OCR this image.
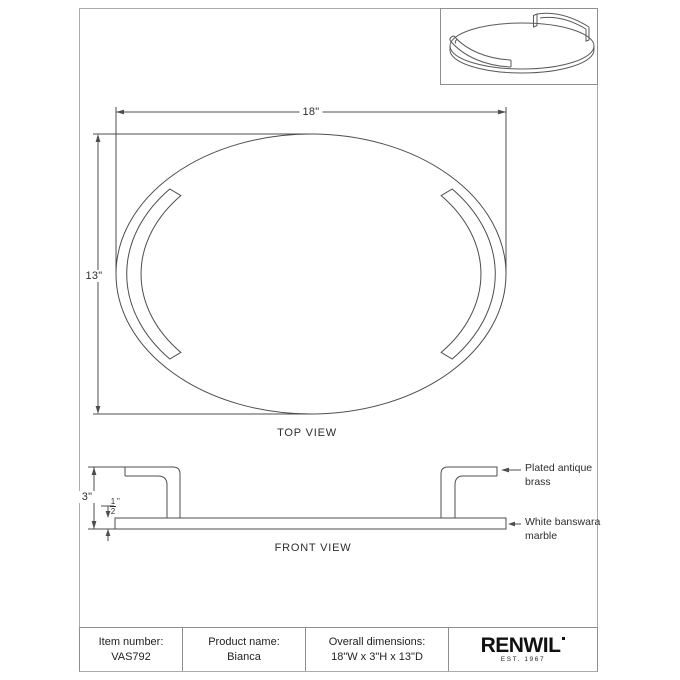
18"
13"
TOP VIEW
3"	1
2
"
FRONT VIEW
Plated antique
brass
White banswara
marble
Item number:
VAS792
Product name:
Bianca
Overall dimensions:
18"W x 3"H x 13"D	RENWIL
EST. 1967
